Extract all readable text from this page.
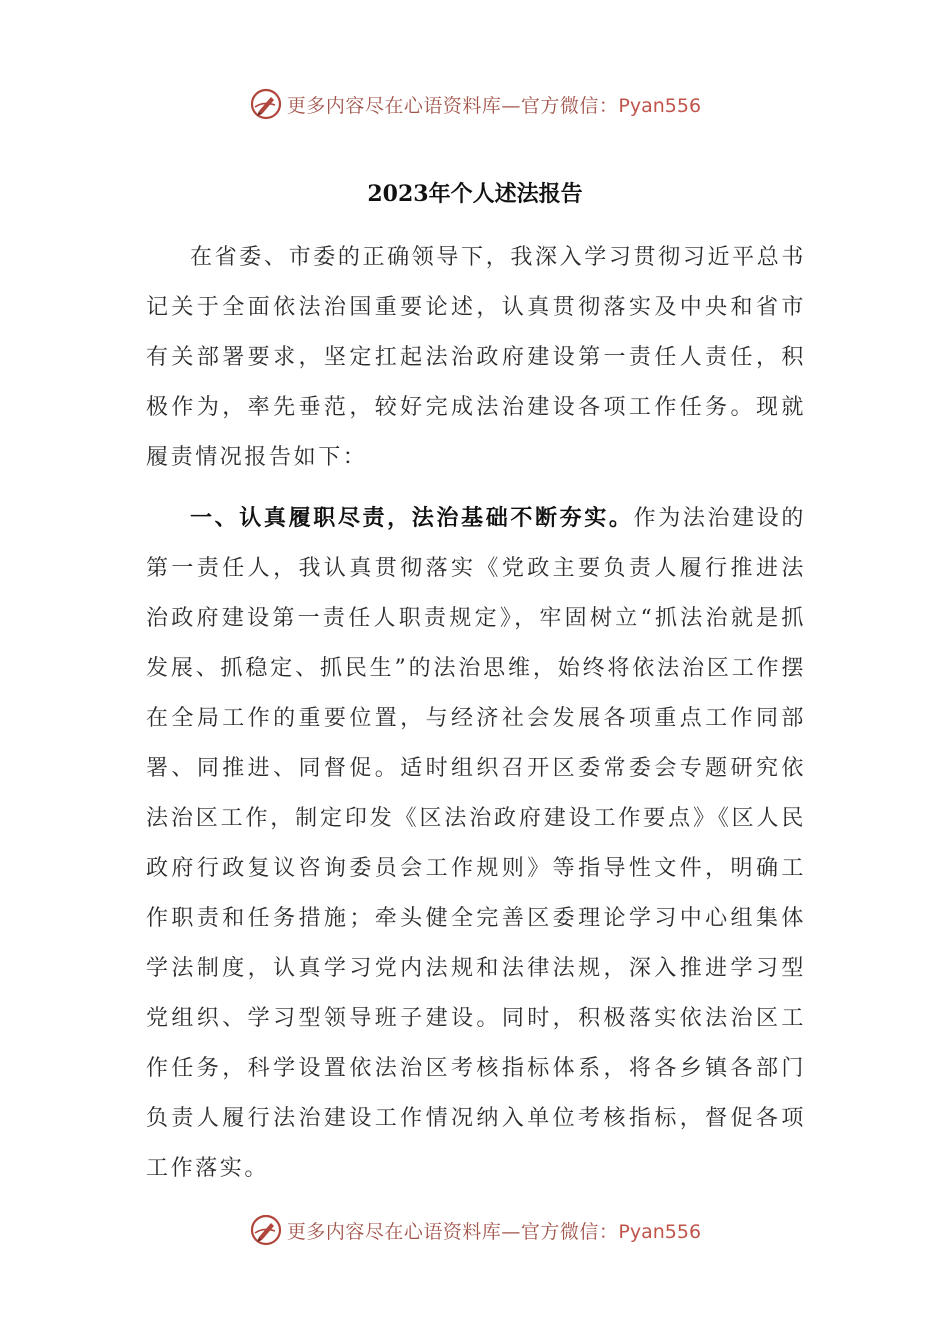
更多内容尽在心语资料库—官方微信：Pyan556
2023年个人述法报告

在省委、市委的正确领导下，我深入学习贯彻习近平总书记关于全面依法治国重要论述，认真贯彻落实及中央和省市有关部署要求，坚定扛起法治政府建设第一责任人责任，积极作为，率先垂范，较好完成法治建设各项工作任务。现就履责情况报告如下：

一、认真履职尽责，法治基础不断夯实。作为法治建设的第一责任人，我认真贯彻落实《党政主要负责人履行推进法治政府建设第一责任人职责规定》，牢固树立“抓法治就是抓发展、抓稳定、抓民生”的法治思维，始终将依法治区工作摆在全局工作的重要位置，与经济社会发展各项重点工作同部署、同推进、同督促。适时组织召开区委常委会专题研究依法治区工作，制定印发《区法治政府建设工作要点》《区人民政府行政复议咨询委员会工作规则》等指导性文件，明确工作职责和任务措施；牵头健全完善区委理论学习中心组集体学法制度，认真学习党内法规和法律法规，深入推进学习型党组织、学习型领导班子建设。同时，积极落实依法治区工作任务，科学设置依法治区考核指标体系，将各乡镇各部门负责人履行法治建设工作情况纳入单位考核指标，督促各项工作落实。

更多内容尽在心语资料库—官方微信：Pyan556
